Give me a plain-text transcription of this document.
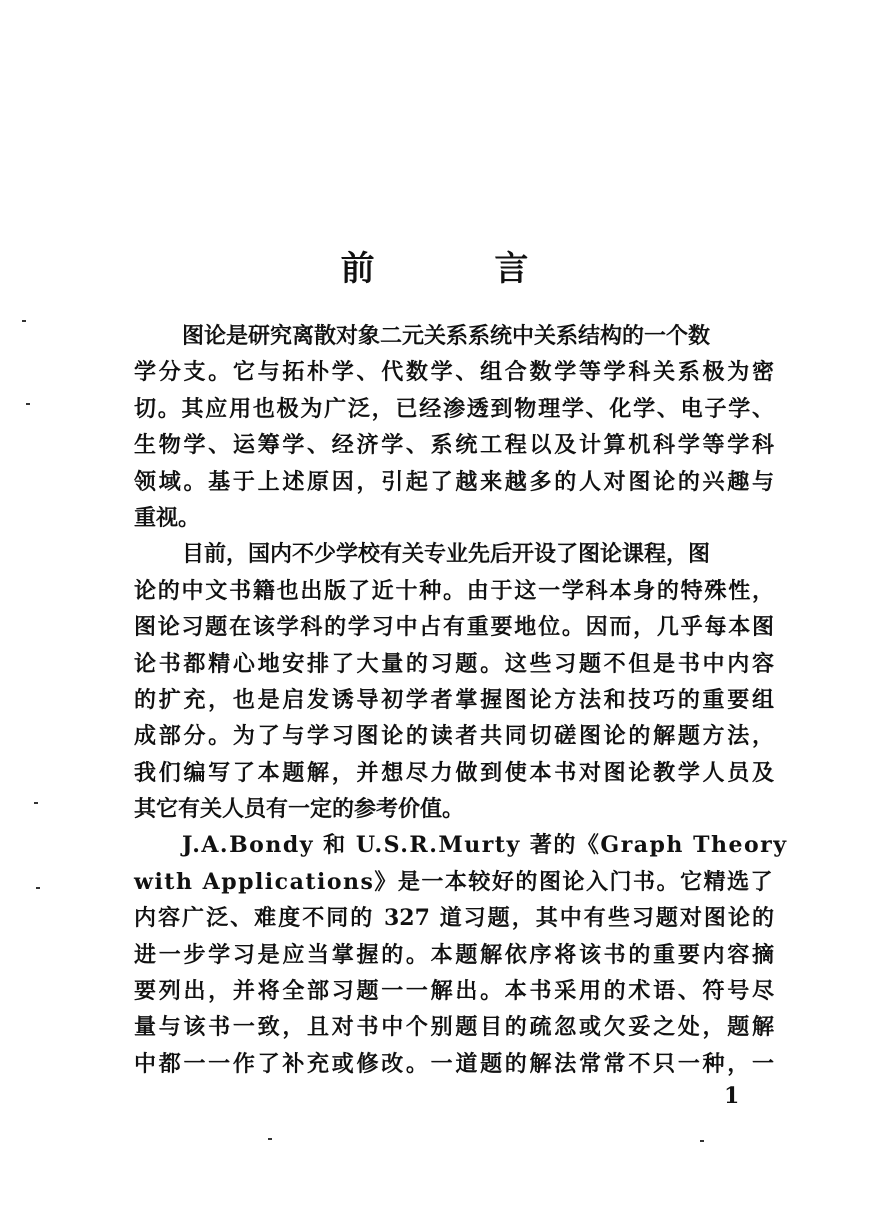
前 言
图论是研究离散对象二元关系系统中关系结构的一个数
学分支。它与拓朴学、代数学、组合数学等学科关系极为密
切。其应用也极为广泛，已经渗透到物理学、化学、电子学、
生物学、运筹学、经济学、系统工程以及计算机科学等学科
领域。基于上述原因，引起了越来越多的人对图论的兴趣与
重视。
目前，国内不少学校有关专业先后开设了图论课程，图
论的中文书籍也出版了近十种。由于这一学科本身的特殊性，
图论习题在该学科的学习中占有重要地位。因而，几乎每本图
论书都精心地安排了大量的习题。这些习题不但是书中内容
的扩充，也是启发诱导初学者掌握图论方法和技巧的重要组
成部分。为了与学习图论的读者共同切磋图论的解题方法，
我们编写了本题解，并想尽力做到使本书对图论教学人员及
其它有关人员有一定的参考价值。
J.A.Bondy 和 U.S.R.Murty 著的《Graph Theory
with Applications》是一本较好的图论入门书。它精选了
内容广泛、难度不同的 327 道习题，其中有些习题对图论的
进一步学习是应当掌握的。本题解依序将该书的重要内容摘
要列出，并将全部习题一一解出。本书采用的术语、符号尽
量与该书一致，且对书中个别题目的疏忽或欠妥之处，题解
中都一一作了补充或修改。一道题的解法常常不只一种，一
1
